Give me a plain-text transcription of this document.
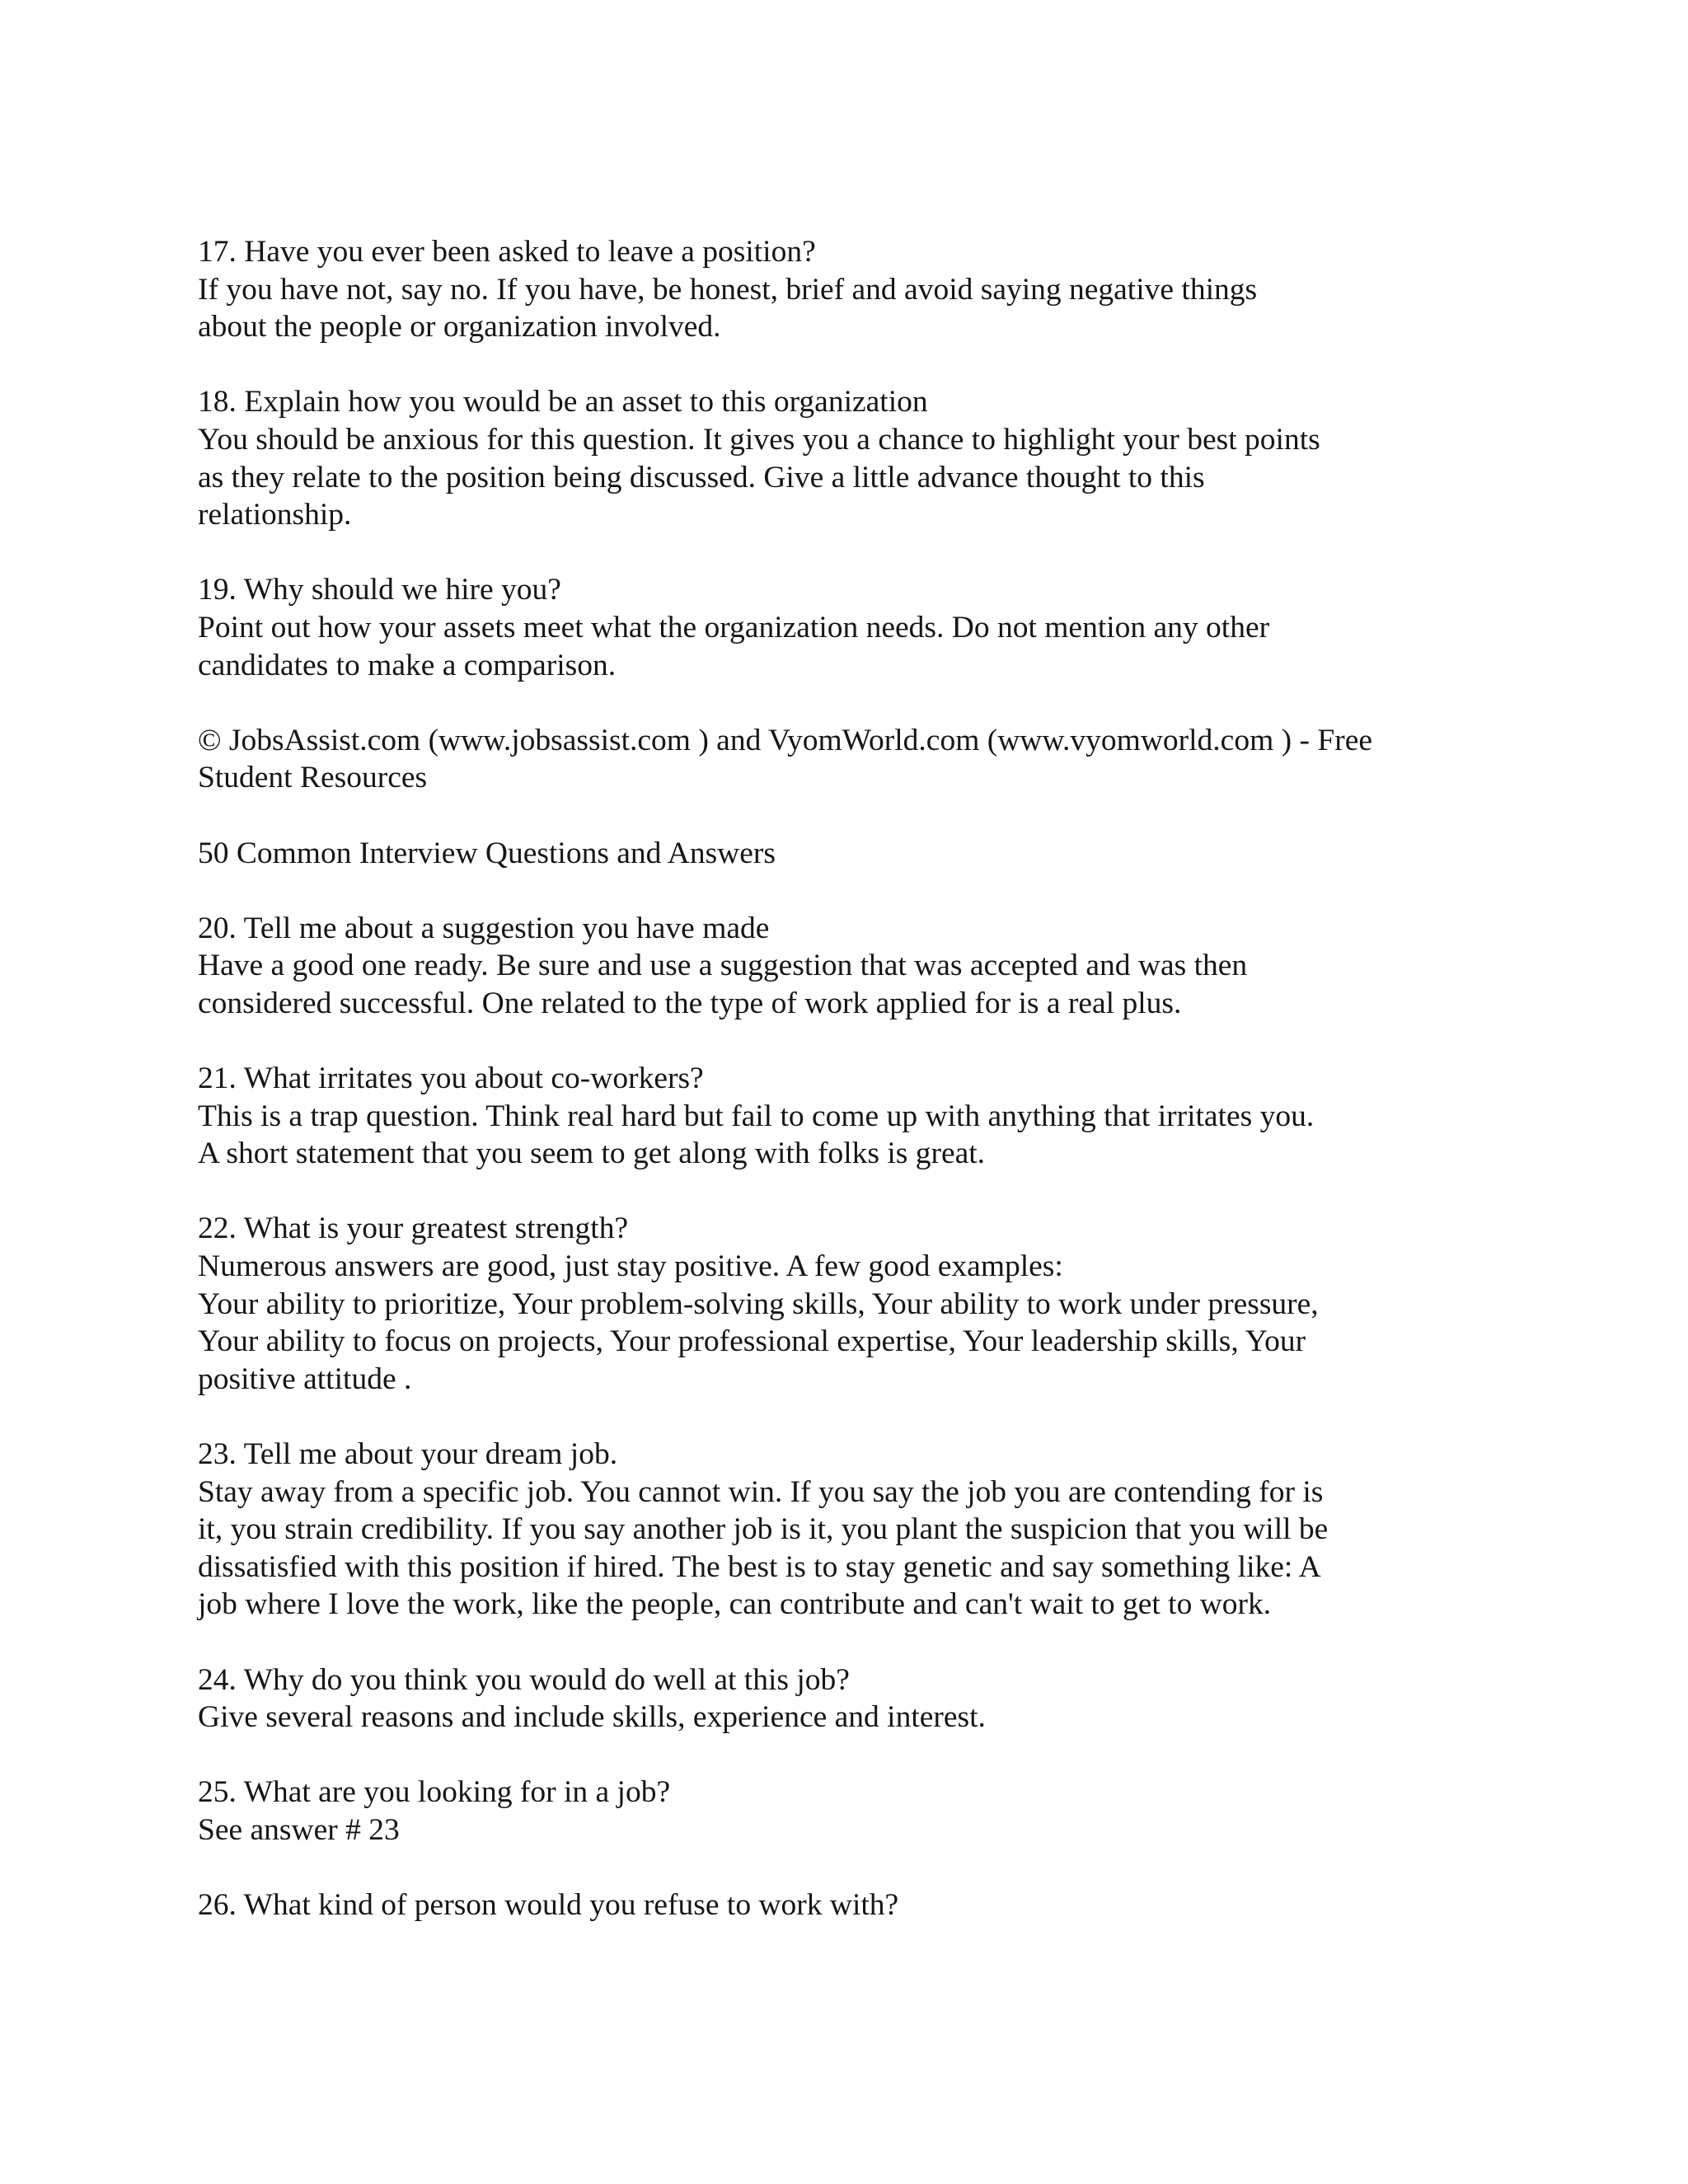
17. Have you ever been asked to leave a position?
If you have not, say no. If you have, be honest, brief and avoid saying negative things
about the people or organization involved.

18. Explain how you would be an asset to this organization
You should be anxious for this question. It gives you a chance to highlight your best points
as they relate to the position being discussed. Give a little advance thought to this
relationship.

19. Why should we hire you?
Point out how your assets meet what the organization needs. Do not mention any other
candidates to make a comparison.

© JobsAssist.com (www.jobsassist.com ) and VyomWorld.com (www.vyomworld.com ) - Free
Student Resources

50 Common Interview Questions and Answers

20. Tell me about a suggestion you have made
Have a good one ready. Be sure and use a suggestion that was accepted and was then
considered successful. One related to the type of work applied for is a real plus.

21. What irritates you about co-workers?
This is a trap question. Think real hard but fail to come up with anything that irritates you.
A short statement that you seem to get along with folks is great.

22. What is your greatest strength?
Numerous answers are good, just stay positive. A few good examples:
Your ability to prioritize, Your problem-solving skills, Your ability to work under pressure,
Your ability to focus on projects, Your professional expertise, Your leadership skills, Your
positive attitude .

23. Tell me about your dream job.
Stay away from a specific job. You cannot win. If you say the job you are contending for is
it, you strain credibility. If you say another job is it, you plant the suspicion that you will be
dissatisfied with this position if hired. The best is to stay genetic and say something like: A
job where I love the work, like the people, can contribute and can't wait to get to work.

24. Why do you think you would do well at this job?
Give several reasons and include skills, experience and interest.

25. What are you looking for in a job?
See answer # 23

26. What kind of person would you refuse to work with?
